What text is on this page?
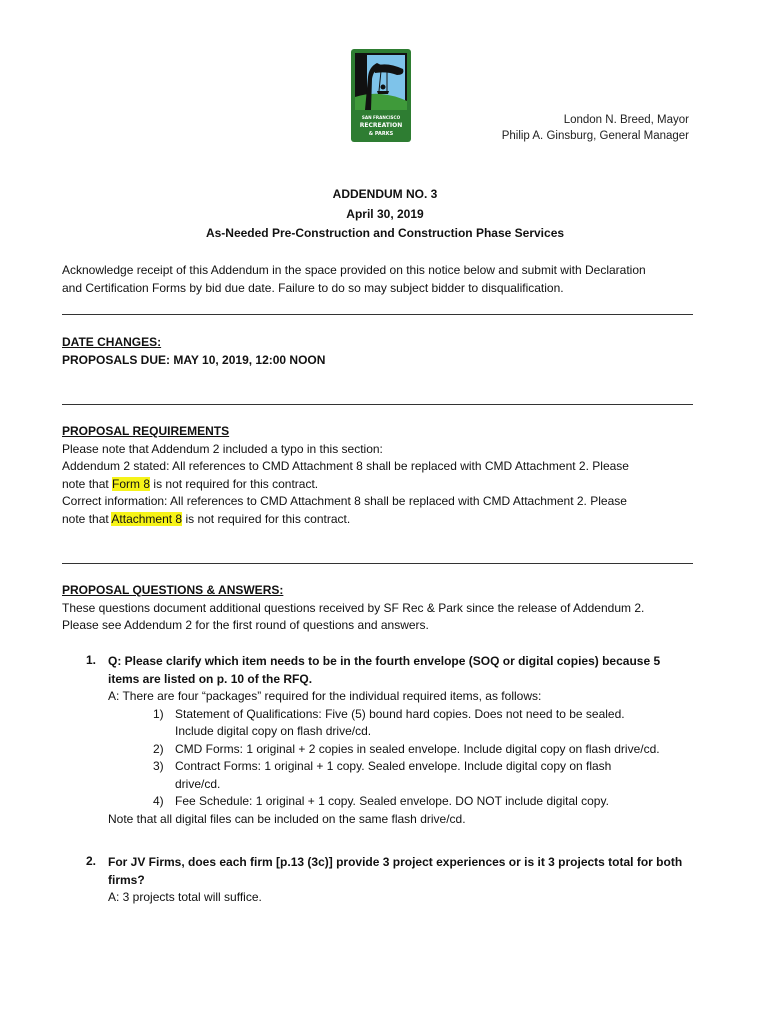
SAN FRANCISCO
RECREATION
& PARKS
London N. Breed, Mayor
Philip A. Ginsburg, General Manager
ADDENDUM NO. 3
April 30, 2019
As-Needed Pre-Construction and Construction Phase Services
Acknowledge receipt of this Addendum in the space provided on this notice below and submit with Declaration
and Certification Forms by bid due date. Failure to do so may subject bidder to disqualification.
DATE CHANGES:
PROPOSALS DUE: MAY 10, 2019, 12:00 NOON
PROPOSAL REQUIREMENTS
Please note that Addendum 2 included a typo in this section:
Addendum 2 stated: All references to CMD Attachment 8 shall be replaced with CMD Attachment 2. Please
note that Form 8 is not required for this contract.
Correct information: All references to CMD Attachment 8 shall be replaced with CMD Attachment 2. Please
note that Attachment 8 is not required for this contract.
PROPOSAL QUESTIONS & ANSWERS:
These questions document additional questions received by SF Rec & Park since the release of Addendum 2.
Please see Addendum 2 for the first round of questions and answers.
1. Q: Please clarify which item needs to be in the fourth envelope (SOQ or digital copies) because 5
items are listed on p. 10 of the RFQ.
A: There are four “packages” required for the individual required items, as follows:
1) Statement of Qualifications: Five (5) bound hard copies. Does not need to be sealed.
Include digital copy on flash drive/cd.
2) CMD Forms: 1 original + 2 copies in sealed envelope. Include digital copy on flash drive/cd.
3) Contract Forms: 1 original + 1 copy. Sealed envelope. Include digital copy on flash
drive/cd.
4) Fee Schedule: 1 original + 1 copy. Sealed envelope. DO NOT include digital copy.
Note that all digital files can be included on the same flash drive/cd.
2. For JV Firms, does each firm [p.13 (3c)] provide 3 project experiences or is it 3 projects total for both
firms?
A: 3 projects total will suffice.
